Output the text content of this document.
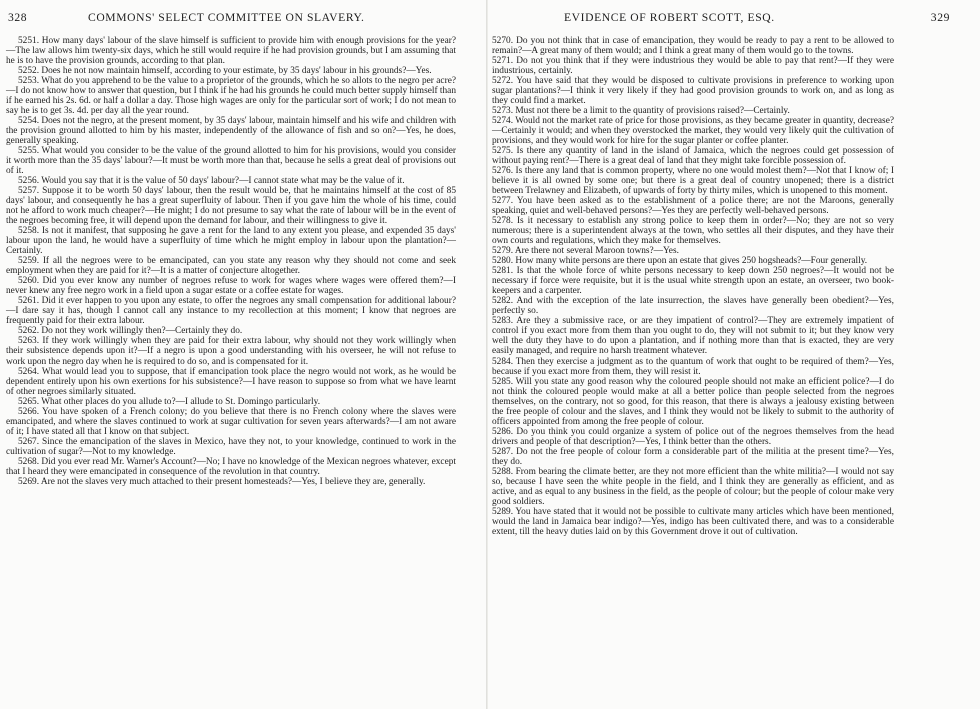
328	COMMONS' SELECT COMMITTEE ON SLAVERY.

5251. How many days' labour of the slave himself is sufficient to provide him with enough provisions for the year?—The law allows him twenty-six days, which he still would require if he had provision grounds, but I am assuming that he is to have the provision grounds, according to that plan.

5252. Does he not now maintain himself, according to your estimate, by 35 days' labour in his grounds?—Yes.

5253. What do you apprehend to be the value to a proprietor of the grounds, which he so allots to the negro per acre?—I do not know how to answer that question, but I think if he had his grounds he could much better supply himself than if he earned his 2s. 6d. or half a dollar a day. Those high wages are only for the particular sort of work; I do not mean to say he is to get 3s. 4d. per day all the year round.

5254. Does not the negro, at the present moment, by 35 days' labour, maintain himself and his wife and children with the provision ground allotted to him by his master, independently of the allowance of fish and so on?—Yes, he does, generally speaking.

5255. What would you consider to be the value of the ground allotted to him for his provisions, would you consider it worth more than the 35 days' labour?—It must be worth more than that, because he sells a great deal of provisions out of it.

5256. Would you say that it is the value of 50 days' labour?—I cannot state what may be the value of it.

5257. Suppose it to be worth 50 days' labour, then the result would be, that he maintains himself at the cost of 85 days' labour, and consequently he has a great superfluity of labour. Then if you gave him the whole of his time, could not he afford to work much cheaper?—He might; I do not presume to say what the rate of labour will be in the event of the negroes becoming free, it will depend upon the demand for labour, and their willingness to give it.

5258. Is not it manifest, that supposing he gave a rent for the land to any extent you please, and expended 35 days' labour upon the land, he would have a superfluity of time which he might employ in labour upon the plantation?—Certainly.

5259. If all the negroes were to be emancipated, can you state any reason why they should not come and seek employment when they are paid for it?—It is a matter of conjecture altogether.

5260. Did you ever know any number of negroes refuse to work for wages where wages were offered them?—I never knew any free negro work in a field upon a sugar estate or a coffee estate for wages.

5261. Did it ever happen to you upon any estate, to offer the negroes any small compensation for additional labour?—I dare say it has, though I cannot call any instance to my recollection at this moment; I know that negroes are frequently paid for their extra labour.

5262. Do not they work willingly then?—Certainly they do.

5263. If they work willingly when they are paid for their extra labour, why should not they work willingly when their subsistence depends upon it?—If a negro is upon a good understanding with his overseer, he will not refuse to work upon the negro day when he is required to do so, and is compensated for it.

5264. What would lead you to suppose, that if emancipation took place the negro would not work, as he would be dependent entirely upon his own exertions for his subsistence?—I have reason to suppose so from what we have learnt of other negroes similarly situated.

5265. What other places do you allude to?—I allude to St. Domingo particularly.

5266. You have spoken of a French colony; do you believe that there is no French colony where the slaves were emancipated, and where the slaves continued to work at sugar cultivation for seven years afterwards?—I am not aware of it; I have stated all that I know on that subject.

5267. Since the emancipation of the slaves in Mexico, have they not, to your knowledge, continued to work in the cultivation of sugar?—Not to my knowledge.

5268. Did you ever read Mr. Warner's Account?—No; I have no knowledge of the Mexican negroes whatever, except that I heard they were emancipated in consequence of the revolution in that country.

5269. Are not the slaves very much attached to their present homesteads?—Yes, I believe they are, generally.

EVIDENCE OF ROBERT SCOTT, ESQ.	329

5270. Do you not think that in case of emancipation, they would be ready to pay a rent to be allowed to remain?—A great many of them would; and I think a great many of them would go to the towns.

5271. Do not you think that if they were industrious they would be able to pay that rent?—If they were industrious, certainly.

5272. You have said that they would be disposed to cultivate provisions in preference to working upon sugar plantations?—I think it very likely if they had good provision grounds to work on, and as long as they could find a market.

5273. Must not there be a limit to the quantity of provisions raised?—Certainly.

5274. Would not the market rate of price for those provisions, as they became greater in quantity, decrease?—Certainly it would; and when they overstocked the market, they would very likely quit the cultivation of provisions, and they would work for hire for the sugar planter or coffee planter.

5275. Is there any quantity of land in the island of Jamaica, which the negroes could get possession of without paying rent?—There is a great deal of land that they might take forcible possession of.

5276. Is there any land that is common property, where no one would molest them?—Not that I know of; I believe it is all owned by some one; but there is a great deal of country unopened; there is a district between Trelawney and Elizabeth, of upwards of forty by thirty miles, which is unopened to this moment.

5277. You have been asked as to the establishment of a police there; are not the Maroons, generally speaking, quiet and well-behaved persons?—Yes they are perfectly well-behaved persons.

5278. Is it necessary to establish any strong police to keep them in order?—No; they are not so very numerous; there is a superintendent always at the town, who settles all their disputes, and they have their own courts and regulations, which they make for themselves.

5279. Are there not several Maroon towns?—Yes.

5280. How many white persons are there upon an estate that gives 250 hogsheads?—Four generally.

5281. Is that the whole force of white persons necessary to keep down 250 negroes?—It would not be necessary if force were requisite, but it is the usual white strength upon an estate, an overseer, two book-keepers and a carpenter.

5282. And with the exception of the late insurrection, the slaves have generally been obedient?—Yes, perfectly so.

5283. Are they a submissive race, or are they impatient of control?—They are extremely impatient of control if you exact more from them than you ought to do, they will not submit to it; but they know very well the duty they have to do upon a plantation, and if nothing more than that is exacted, they are very easily managed, and require no harsh treatment whatever.

5284. Then they exercise a judgment as to the quantum of work that ought to be required of them?—Yes, because if you exact more from them, they will resist it.

5285. Will you state any good reason why the coloured people should not make an efficient police?—I do not think the coloured people would make at all a better police than people selected from the negroes themselves, on the contrary, not so good, for this reason, that there is always a jealousy existing between the free people of colour and the slaves, and I think they would not be likely to submit to the authority of officers appointed from among the free people of colour.

5286. Do you think you could organize a system of police out of the negroes themselves from the head drivers and people of that description?—Yes, I think better than the others.

5287. Do not the free people of colour form a considerable part of the militia at the present time?—Yes, they do.

5288. From bearing the climate better, are they not more efficient than the white militia?—I would not say so, because I have seen the white people in the field, and I think they are generally as efficient, and as active, and as equal to any business in the field, as the people of colour; but the people of colour make very good soldiers.

5289. You have stated that it would not be possible to cultivate many articles which have been mentioned, would the land in Jamaica bear indigo?—Yes, indigo has been cultivated there, and was to a considerable extent, till the heavy duties laid on by this Government drove it out of cultivation.
